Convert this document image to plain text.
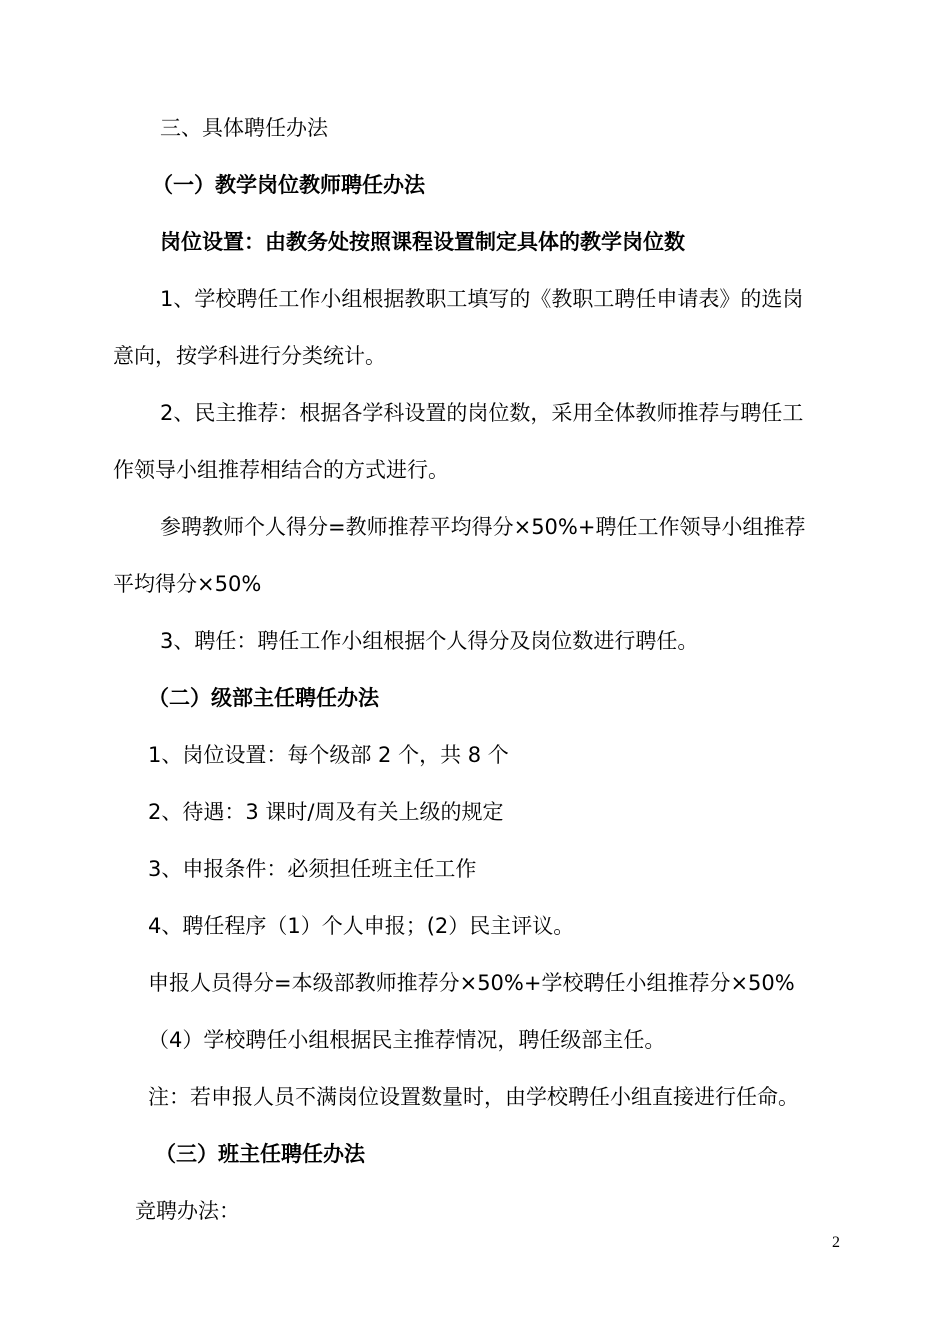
三、具体聘任办法
（一）教学岗位教师聘任办法
岗位设置：由教务处按照课程设置制定具体的教学岗位数
1、学校聘任工作小组根据教职工填写的《教职工聘任申请表》的选岗
意向，按学科进行分类统计。
2、民主推荐：根据各学科设置的岗位数，采用全体教师推荐与聘任工
作领导小组推荐相结合的方式进行。
参聘教师个人得分=教师推荐平均得分×50%+聘任工作领导小组推荐
平均得分×50%
3、聘任：聘任工作小组根据个人得分及岗位数进行聘任。
（二）级部主任聘任办法
1、岗位设置：每个级部 2 个，共 8 个
2、待遇：3 课时/周及有关上级的规定
3、申报条件：必须担任班主任工作
4、聘任程序（1）个人申报；(2）民主评议。
申报人员得分=本级部教师推荐分×50%+学校聘任小组推荐分×50%
（4）学校聘任小组根据民主推荐情况，聘任级部主任。
注：若申报人员不满岗位设置数量时，由学校聘任小组直接进行任命。
（三）班主任聘任办法
竞聘办法：
2
